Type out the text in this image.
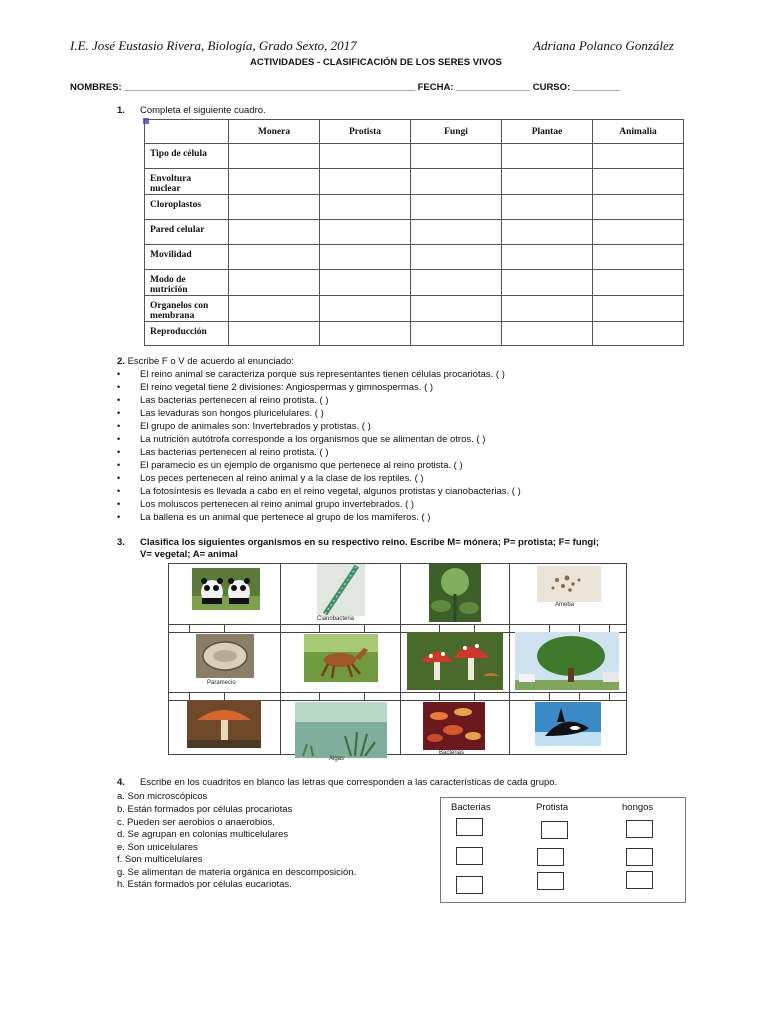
I.E. José Eustasio Rivera, Biología, Grado Sexto, 2017	Adriana Polanco González
ACTIVIDADES - CLASIFICACIÓN DE LOS SERES VIVOS
NOMBRES: _______________________________________________________ FECHA: ______________ CURSO: _________
1. Completa el siguiente cuadro.
	Monera	Protista	Fungi	Plantae	Animalia
Tipo de célula					
Envoltura nuclear					
Cloroplastos					
Pared celular					
Movilidad					
Modo de nutrición					
Organelos con membrana					
Reproducción					
2. Escribe F o V de acuerdo al enunciado:
• El reino animal se caracteriza porque sus representantes tienen células procariotas. ( )
• El reino vegetal tiene 2 divisiones: Angiospermas y gimnospermas. ( )
• Las bacterias pertenecen al reino protista. ( )
• Las levaduras son hongos pluricelulares. ( )
• El grupo de animales son: Invertebrados y protistas. ( )
• La nutrición autótrofa corresponde a los organismos que se alimentan de otros. ( )
• Las bacterias pertenecen al reino protista. ( )
• El paramecio es un ejemplo de organismo que pertenece al reino protista. ( )
• Los peces pertenecen al reino animal y a la clase de los reptiles. ( )
• La fotosíntesis es llevada a cabo en el reino vegetal, algunos protistas y cianobacterias. ( )
• Los moluscos pertenecen al reino animal grupo invertebrados. ( )
• La ballena es un animal que pertenece al grupo de los mamíferos. ( )
3. Clasifica los siguientes organismos en su respectivo reino. Escribe M= mónera; P= protista; F= fungi;
V= vegetal; A= animal
Cianobacteria
Ameba
Paramecio
Algas
Bacterias
4. Escribe en los cuadritos en blanco las letras que corresponden a las características de cada grupo.
a. Son microscópicos
b. Están formados por células procariotas
c. Pueden ser aerobios o anaerobios.
d. Se agrupan en colonias multicelulares
e. Son unicelulares
f. Son multicelulares
g. Se alimentan de materia orgánica en descomposición.
h. Están formados por células eucariotas.
Bacterias	Protista	hongos
